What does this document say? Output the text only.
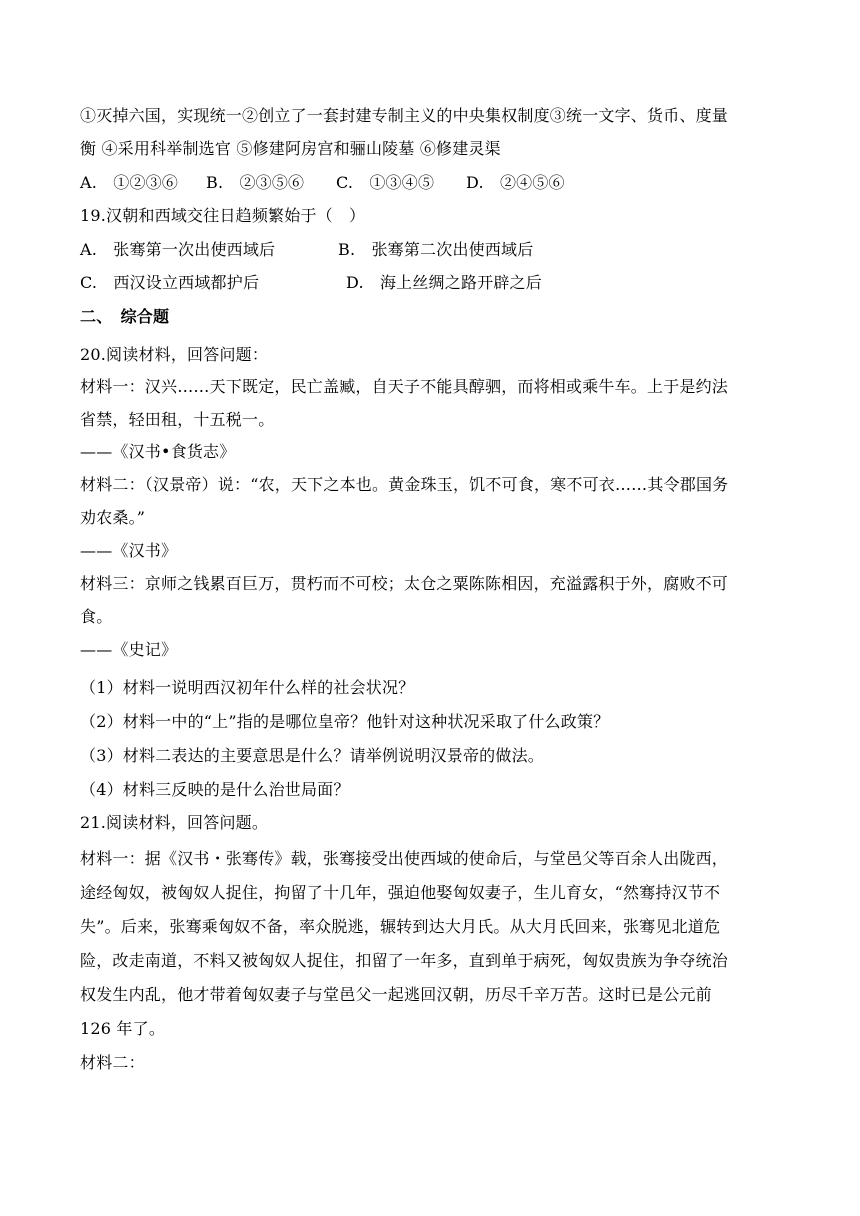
①灭掉六国，实现统一②创立了一套封建专制主义的中央集权制度③统一文字、货币、度量
衡 ④采用科举制选官 ⑤修建阿房宫和骊山陵墓 ⑥修建灵渠
A.　①②③⑥ B.　②③⑤⑥ C.　①③④⑤ D.　②④⑤⑥
19.汉朝和西域交往日趋频繁始于（　）
A.　张骞第一次出使西域后	B.　张骞第二次出使西域后
C.　西汉设立西域都护后	D.　海上丝绸之路开辟之后
二、　综合题
20.阅读材料，回答问题：
材料一：汉兴……天下既定，民亡盖臧，自天子不能具醇驷，而将相或乘牛车。上于是约法
省禁，轻田租，十五税一。
——《汉书•食货志》
材料二：（汉景帝）说：“农，天下之本也。黄金珠玉，饥不可食，寒不可衣……其令郡国务
劝农桑。”
——《汉书》
材料三：京师之钱累百巨万，贯朽而不可校；太仓之粟陈陈相因，充溢露积于外，腐败不可
食。
——《史记》
（1）材料一说明西汉初年什么样的社会状况？
（2）材料一中的“上”指的是哪位皇帝？他针对这种状况采取了什么政策？
（3）材料二表达的主要意思是什么？请举例说明汉景帝的做法。
（4）材料三反映的是什么治世局面？
21.阅读材料，回答问题。
材料一：据《汉书・张骞传》载，张骞接受出使西域的使命后，与堂邑父等百余人出陇西，
途经匈奴，被匈奴人捉住，拘留了十几年，强迫他娶匈奴妻子，生儿育女，“然骞持汉节不
失”。后来，张骞乘匈奴不备，率众脱逃，辗转到达大月氏。从大月氏回来，张骞见北道危
险，改走南道，不料又被匈奴人捉住，扣留了一年多，直到单于病死，匈奴贵族为争夺统治
权发生内乱，他才带着匈奴妻子与堂邑父一起逃回汉朝，历尽千辛万苦。这时已是公元前
126 年了。
材料二：
